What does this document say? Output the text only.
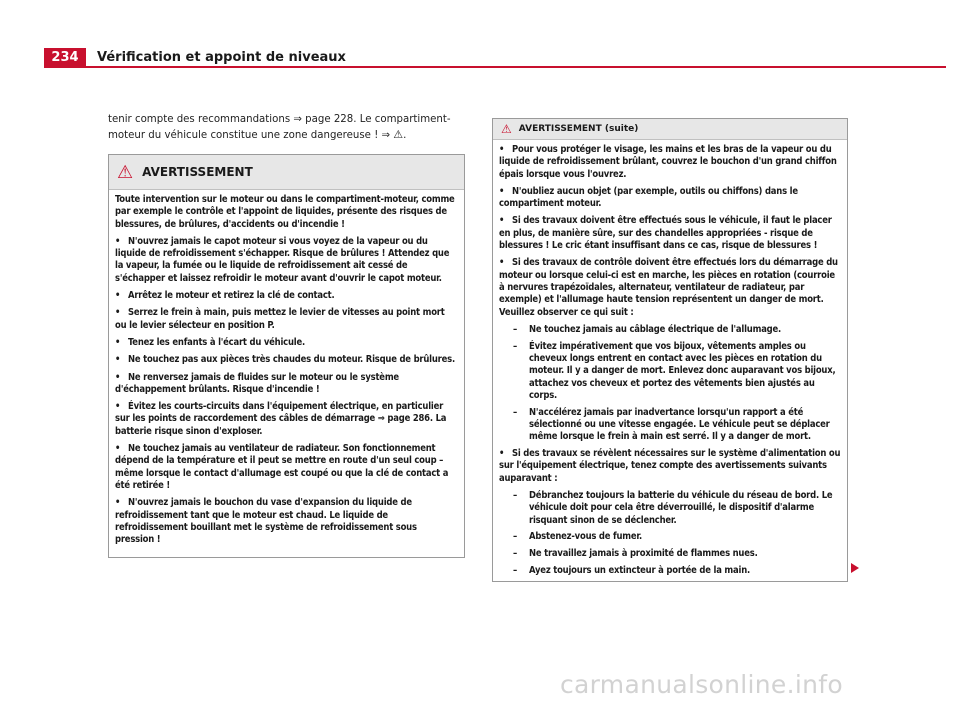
234	Vérification et appoint de niveaux
tenir compte des recommandations ⇒ page 228. Le compartiment-moteur du véhicule constitue une zone dangereuse ! ⇒ ⚠.
⚠ AVERTISSEMENT

Toute intervention sur le moteur ou dans le compartiment-moteur, comme par exemple le contrôle et l'appoint de liquides, présente des risques de blessures, de brûlures, d'accidents ou d'incendie !

• N'ouvrez jamais le capot moteur si vous voyez de la vapeur ou du liquide de refroidissement s'échapper. Risque de brûlures ! Attendez que la vapeur, la fumée ou le liquide de refroidissement ait cessé de s'échapper et laissez refroidir le moteur avant d'ouvrir le capot moteur.
• Arrêtez le moteur et retirez la clé de contact.
• Serrez le frein à main, puis mettez le levier de vitesses au point mort ou le levier sélecteur en position P.
• Tenez les enfants à l'écart du véhicule.
• Ne touchez pas aux pièces très chaudes du moteur. Risque de brûlures.
• Ne renversez jamais de fluides sur le moteur ou le système d'échappement brûlants. Risque d'incendie !
• Évitez les courts-circuits dans l'équipement électrique, en particulier sur les points de raccordement des câbles de démarrage ⇒ page 286. La batterie risque sinon d'exploser.
• Ne touchez jamais au ventilateur de radiateur. Son fonctionnement dépend de la température et il peut se mettre en route d'un seul coup – même lorsque le contact d'allumage est coupé ou que la clé de contact a été retirée !
• N'ouvrez jamais le bouchon du vase d'expansion du liquide de refroidissement tant que le moteur est chaud. Le liquide de refroidissement bouillant met le système de refroidissement sous pression !
⚠ AVERTISSEMENT (suite)
• Pour vous protéger le visage, les mains et les bras de la vapeur ou du liquide de refroidissement brûlant, couvrez le bouchon d'un grand chiffon épais lorsque vous l'ouvrez.
• N'oubliez aucun objet (par exemple, outils ou chiffons) dans le compartiment moteur.
• Si des travaux doivent être effectués sous le véhicule, il faut le placer en plus, de manière sûre, sur des chandelles appropriées - risque de blessures ! Le cric étant insuffisant dans ce cas, risque de blessures !
• Si des travaux de contrôle doivent être effectués lors du démarrage du moteur ou lorsque celui-ci est en marche, les pièces en rotation (courroie à nervures trapézoïdales, alternateur, ventilateur de radiateur, par exemple) et l'allumage haute tension représentent un danger de mort. Veuillez observer ce qui suit :
– Ne touchez jamais au câblage électrique de l'allumage.
– Évitez impérativement que vos bijoux, vêtements amples ou cheveux longs entrent en contact avec les pièces en rotation du moteur. Il y a danger de mort. Enlevez donc auparavant vos bijoux, attachez vos cheveux et portez des vêtements bien ajustés au corps.
– N'accélérez jamais par inadvertance lorsqu'un rapport a été sélectionné ou une vitesse engagée. Le véhicule peut se déplacer même lorsque le frein à main est serré. Il y a danger de mort.
• Si des travaux se révèlent nécessaires sur le système d'alimentation ou sur l'équipement électrique, tenez compte des avertissements suivants auparavant :
– Débranchez toujours la batterie du véhicule du réseau de bord. Le véhicule doit pour cela être déverrouillé, le dispositif d'alarme risquant sinon de se déclencher.
– Abstenez-vous de fumer.
– Ne travaillez jamais à proximité de flammes nues.
– Ayez toujours un extincteur à portée de la main.
carmanualsonline.info
